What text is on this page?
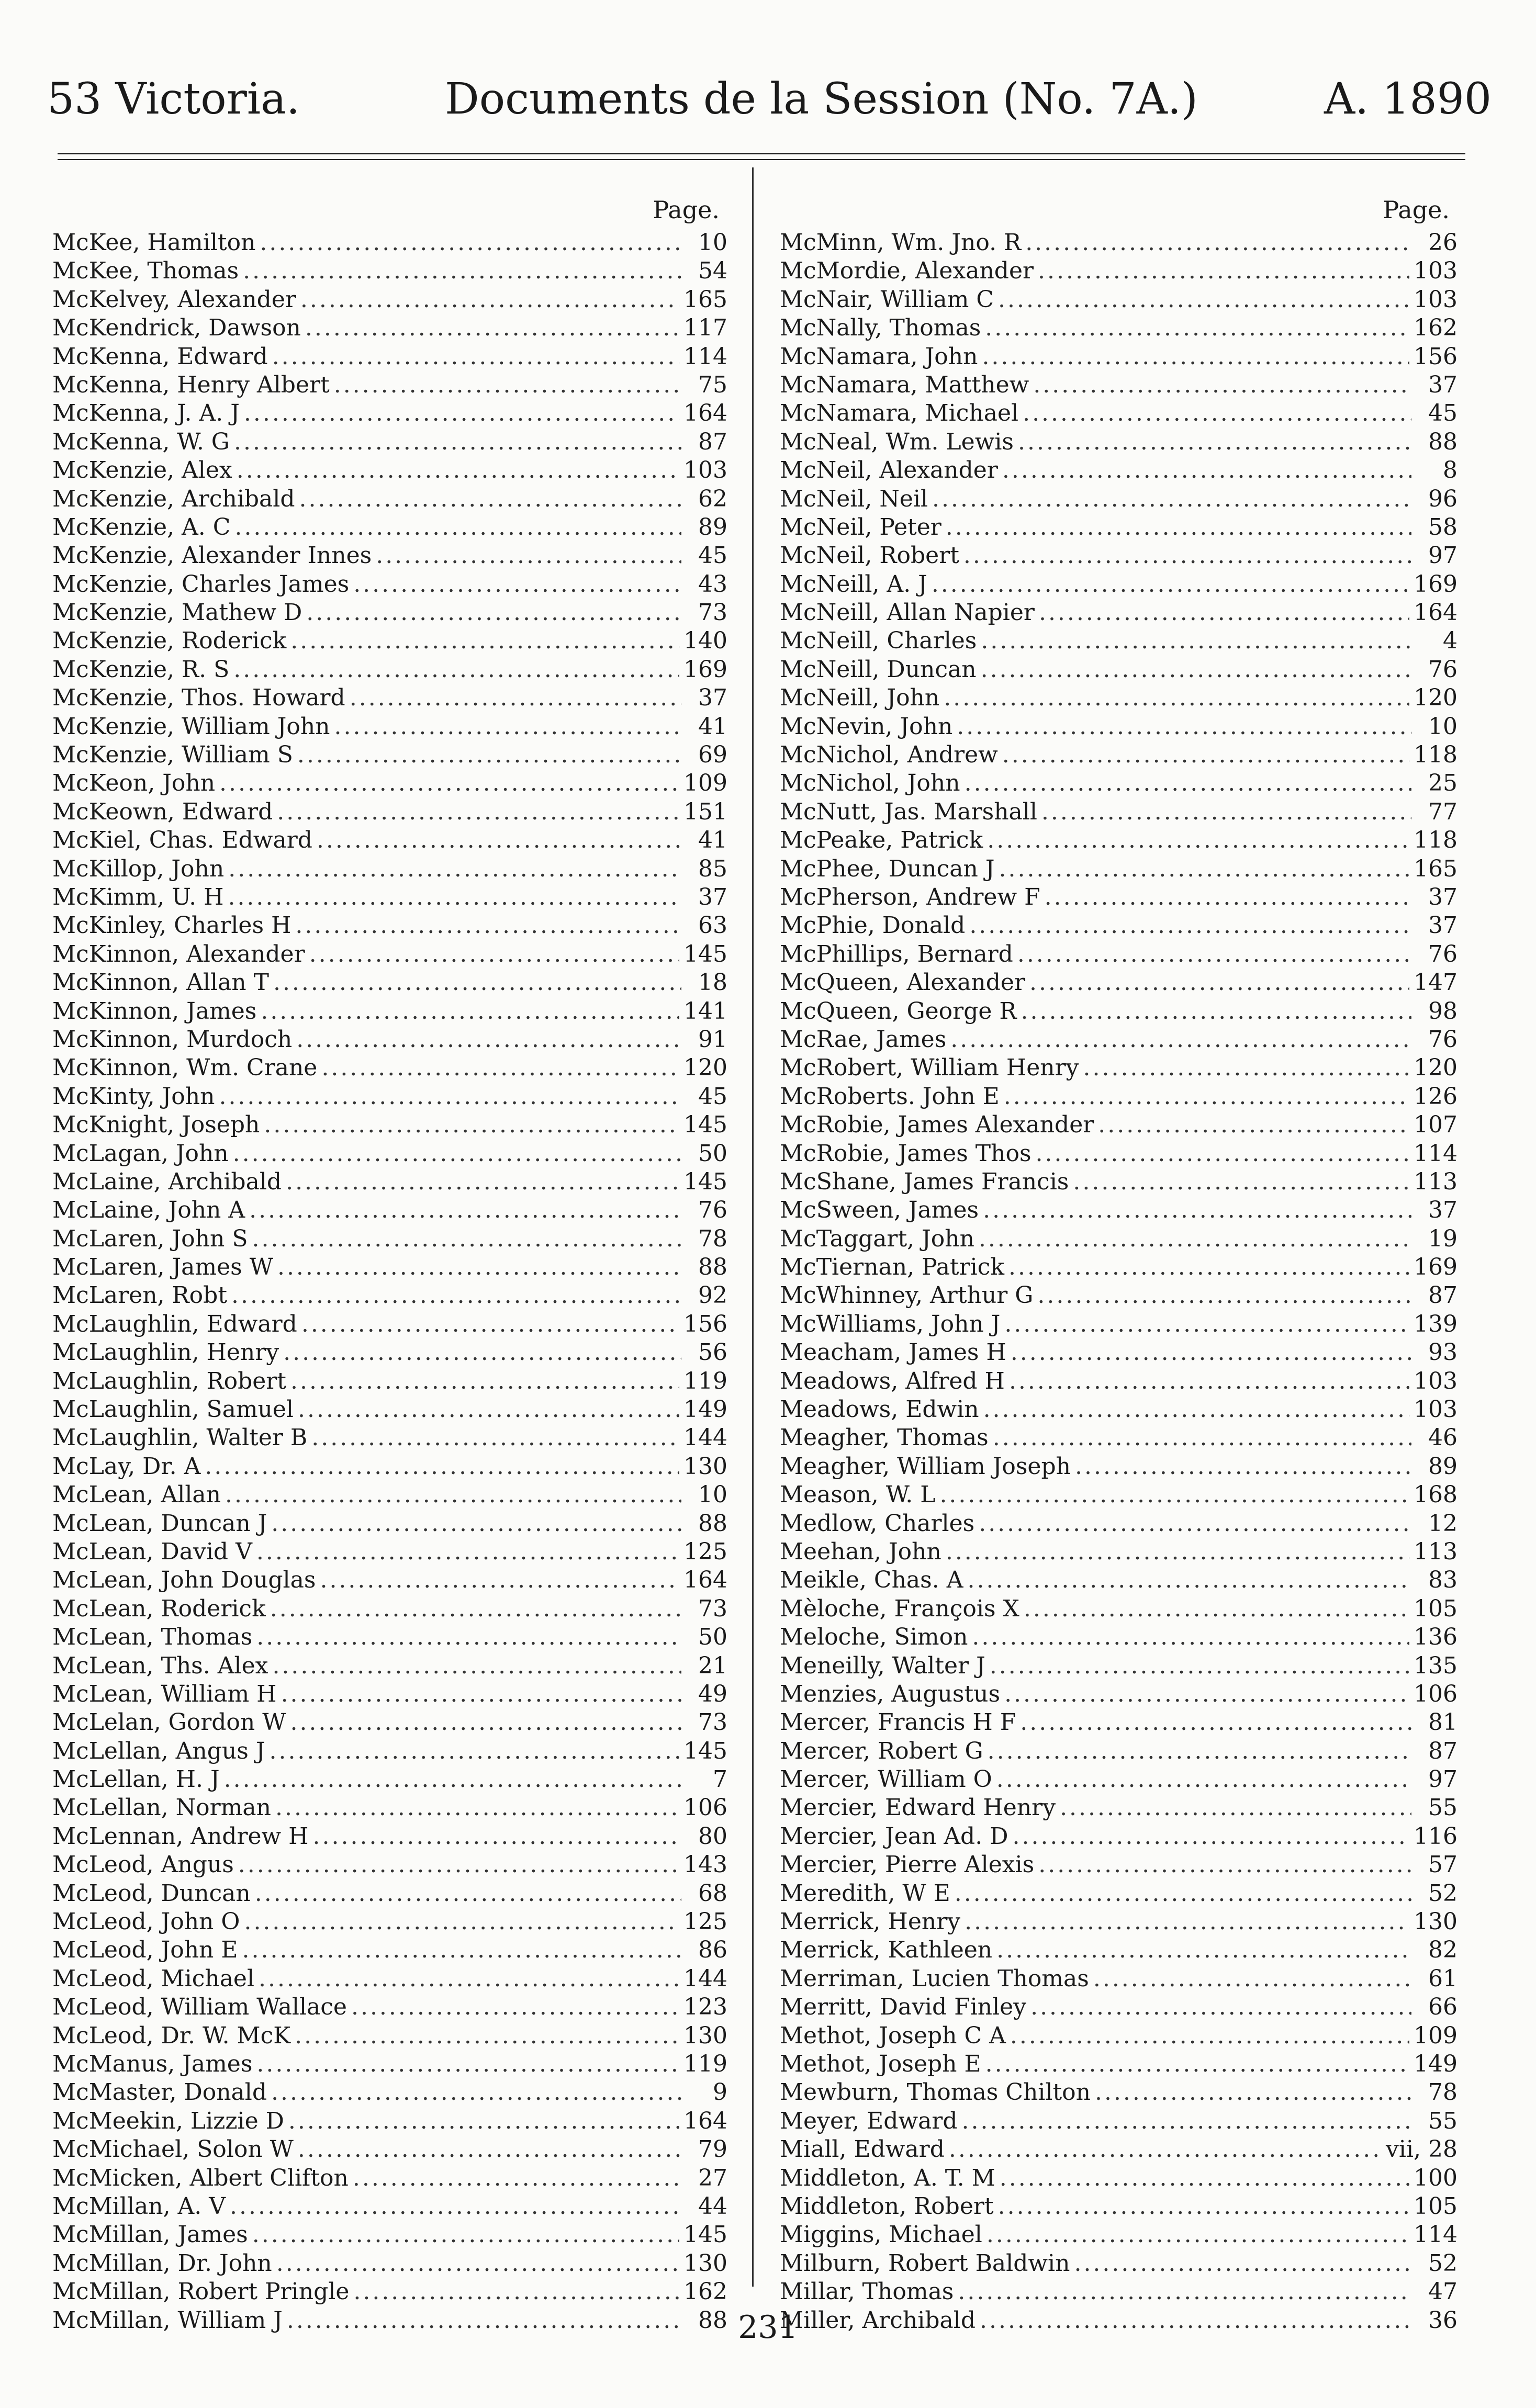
53 Victoria.	Documents de la Session (No. 7A.)	A. 1890
Page.
McKee, Hamilton .....	10
McKee, Thomas .....	54
McKelvey, Alexander .....	165
McKendrick, Dawson .....	117
McKenna, Edward .....	114
McKenna, Henry Albert .....	75
McKenna, J. A. J .....	164
McKenna, W. G .....	87
McKenzie, Alex .....	103
McKenzie, Archibald .....	62
McKenzie, A. C .....	89
McKenzie, Alexander Innes .....	45
McKenzie, Charles James .....	43
McKenzie, Mathew D .....	73
McKenzie, Roderick .....	140
McKenzie, R. S .....	169
McKenzie, Thos. Howard .....	37
McKenzie, William John .....	41
McKenzie, William S .....	69
McKeon, John .....	109
McKeown, Edward .....	151
McKiel, Chas. Edward .....	41
McKillop, John .....	85
McKimm, U. H .....	37
McKinley, Charles H .....	63
McKinnon, Alexander .....	145
McKinnon, Allan T .....	18
McKinnon, James .....	141
McKinnon, Murdoch .....	91
McKinnon, Wm. Crane .....	120
McKinty, John .....	45
McKnight, Joseph .....	145
McLagan, John .....	50
McLaine, Archibald .....	145
McLaine, John A .....	76
McLaren, John S .....	78
McLaren, James W .....	88
McLaren, Robt .....	92
McLaughlin, Edward .....	156
McLaughlin, Henry .....	56
McLaughlin, Robert .....	119
McLaughlin, Samuel .....	149
McLaughlin, Walter B .....	144
McLay, Dr. A .....	130
McLean, Allan .....	10
McLean, Duncan J .....	88
McLean, David V .....	125
McLean, John Douglas .....	164
McLean, Roderick .....	73
McLean, Thomas .....	50
McLean, Ths. Alex .....	21
McLean, William H .....	49
McLelan, Gordon W .....	73
McLellan, Angus J .....	145
McLellan, H. J .....	7
McLellan, Norman .....	106
McLennan, Andrew H .....	80
McLeod, Angus .....	143
McLeod, Duncan .....	68
McLeod, John O .....	125
McLeod, John E .....	86
McLeod, Michael .....	144
McLeod, William Wallace .....	123
McLeod, Dr. W. McK .....	130
McManus, James .....	119
McMaster, Donald .....	9
McMeekin, Lizzie D .....	164
McMichael, Solon W .....	79
McMicken, Albert Clifton .....	27
McMillan, A. V .....	44
McMillan, James .....	145
McMillan, Dr. John .....	130
McMillan, Robert Pringle .....	162
McMillan, William J .....	88
Page.
McMinn, Wm. Jno. R .....	26
McMordie, Alexander .....	103
McNair, William C .....	103
McNally, Thomas .....	162
McNamara, John .....	156
McNamara, Matthew .....	37
McNamara, Michael .....	45
McNeal, Wm. Lewis .....	88
McNeil, Alexander .....	8
McNeil, Neil .....	96
McNeil, Peter .....	58
McNeil, Robert .....	97
McNeill, A. J .....	169
McNeill, Allan Napier .....	164
McNeill, Charles .....	4
McNeill, Duncan .....	76
McNeill, John .....	120
McNevin, John .....	10
McNichol, Andrew .....	118
McNichol, John .....	25
McNutt, Jas. Marshall .....	77
McPeake, Patrick .....	118
McPhee, Duncan J .....	165
McPherson, Andrew F .....	37
McPhie, Donald .....	37
McPhillips, Bernard .....	76
McQueen, Alexander .....	147
McQueen, George R .....	98
McRae, James .....	76
McRobert, William Henry .....	120
McRoberts. John E .....	126
McRobie, James Alexander .....	107
McRobie, James Thos .....	114
McShane, James Francis .....	113
McSween, James .....	37
McTaggart, John .....	19
McTiernan, Patrick .....	169
McWhinney, Arthur G .....	87
McWilliams, John J .....	139
Meacham, James H .....	93
Meadows, Alfred H .....	103
Meadows, Edwin .....	103
Meagher, Thomas .....	46
Meagher, William Joseph .....	89
Meason, W. L .....	168
Medlow, Charles .....	12
Meehan, John .....	113
Meikle, Chas. A .....	83
Mèloche, François X .....	105
Meloche, Simon .....	136
Meneilly, Walter J .....	135
Menzies, Augustus .....	106
Mercer, Francis H F .....	81
Mercer, Robert G .....	87
Mercer, William O .....	97
Mercier, Edward Henry .....	55
Mercier, Jean Ad. D .....	116
Mercier, Pierre Alexis .....	57
Meredith, W E .....	52
Merrick, Henry .....	130
Merrick, Kathleen .....	82
Merriman, Lucien Thomas .....	61
Merritt, David Finley .....	66
Methot, Joseph C A .....	109
Methot, Joseph E .....	149
Mewburn, Thomas Chilton .....	78
Meyer, Edward .....	55
Miall, Edward .....	vii, 28
Middleton, A. T. M .....	100
Middleton, Robert .....	105
Miggins, Michael .....	114
Milburn, Robert Baldwin .....	52
Millar, Thomas .....	47
Miller, Archibald .....	36
231
